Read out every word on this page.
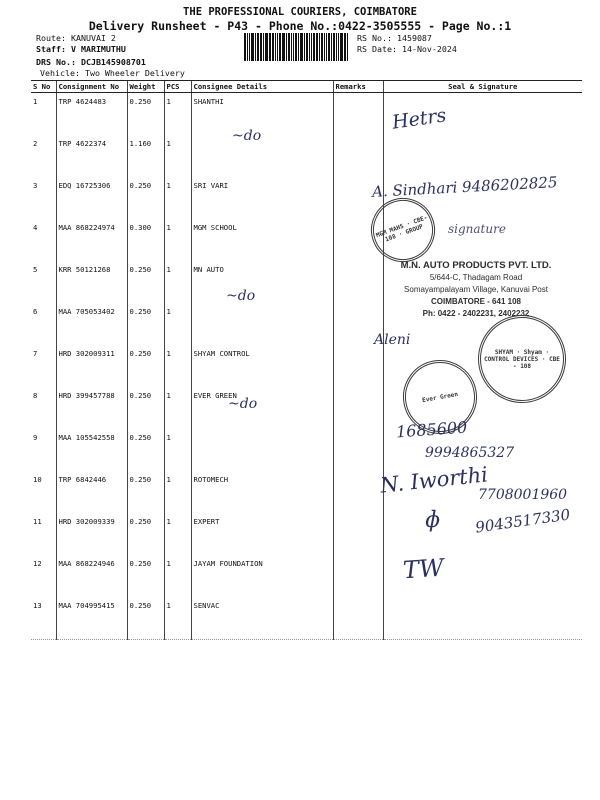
THE PROFESSIONAL COURIERS, COIMBATORE
Delivery Runsheet - P43 - Phone No.:0422-3505555 - Page No.:1
Route: KANUVAI 2
Staff: V MARIMUTHU
DRS No.: DCJB145908701
Vehicle: Two Wheeler Delivery
RS No.: 1459087
RS Date: 14-Nov-2024
S No	Consignment No	Weight	PCS	Consignee Details	Remarks	Seal & Signature
1	TRP 4624483	0.250	1	SHANTHI		
2	TRP 4622374	1.160	1			
3	EDQ 16725306	0.250	1	SRI VARI		
4	MAA 868224974	0.300	1	MGM SCHOOL		
5	KRR 50121268	0.250	1	MN AUTO		
6	MAA 705053402	0.250	1			
7	HRD 302009311	0.250	1	SHYAM CONTROL		
8	HRD 399457788	0.250	1	EVER GREEN		
9	MAA 105542558	0.250	1			
10	TRP 6842446	0.250	1	ROTOMECH		
11	HRD 302009339	0.250	1	EXPERT		
12	MAA 868224946	0.250	1	JAYAM FOUNDATION		
13	MAA 704995415	0.250	1	SENVAC		
MGM MAHS · CBE-108 · GROUP
M.N. AUTO PRODUCTS PVT. LTD.
5/644-C, Thadagam Road
Somayampalayam Village, Kanuvai Post
COIMBATORE - 641 108
Ph: 0422 - 2402231, 2402232
SHYAM · Shyam · CONTROL DEVICES · CBE - 108
Ever Green
Hetrs
~do
A. Sindhari 9486202825
signature
~do
Aleni
~do
1685600
9994865327
N. Iworthi
7708001960
9043517330
ɸ
TW
